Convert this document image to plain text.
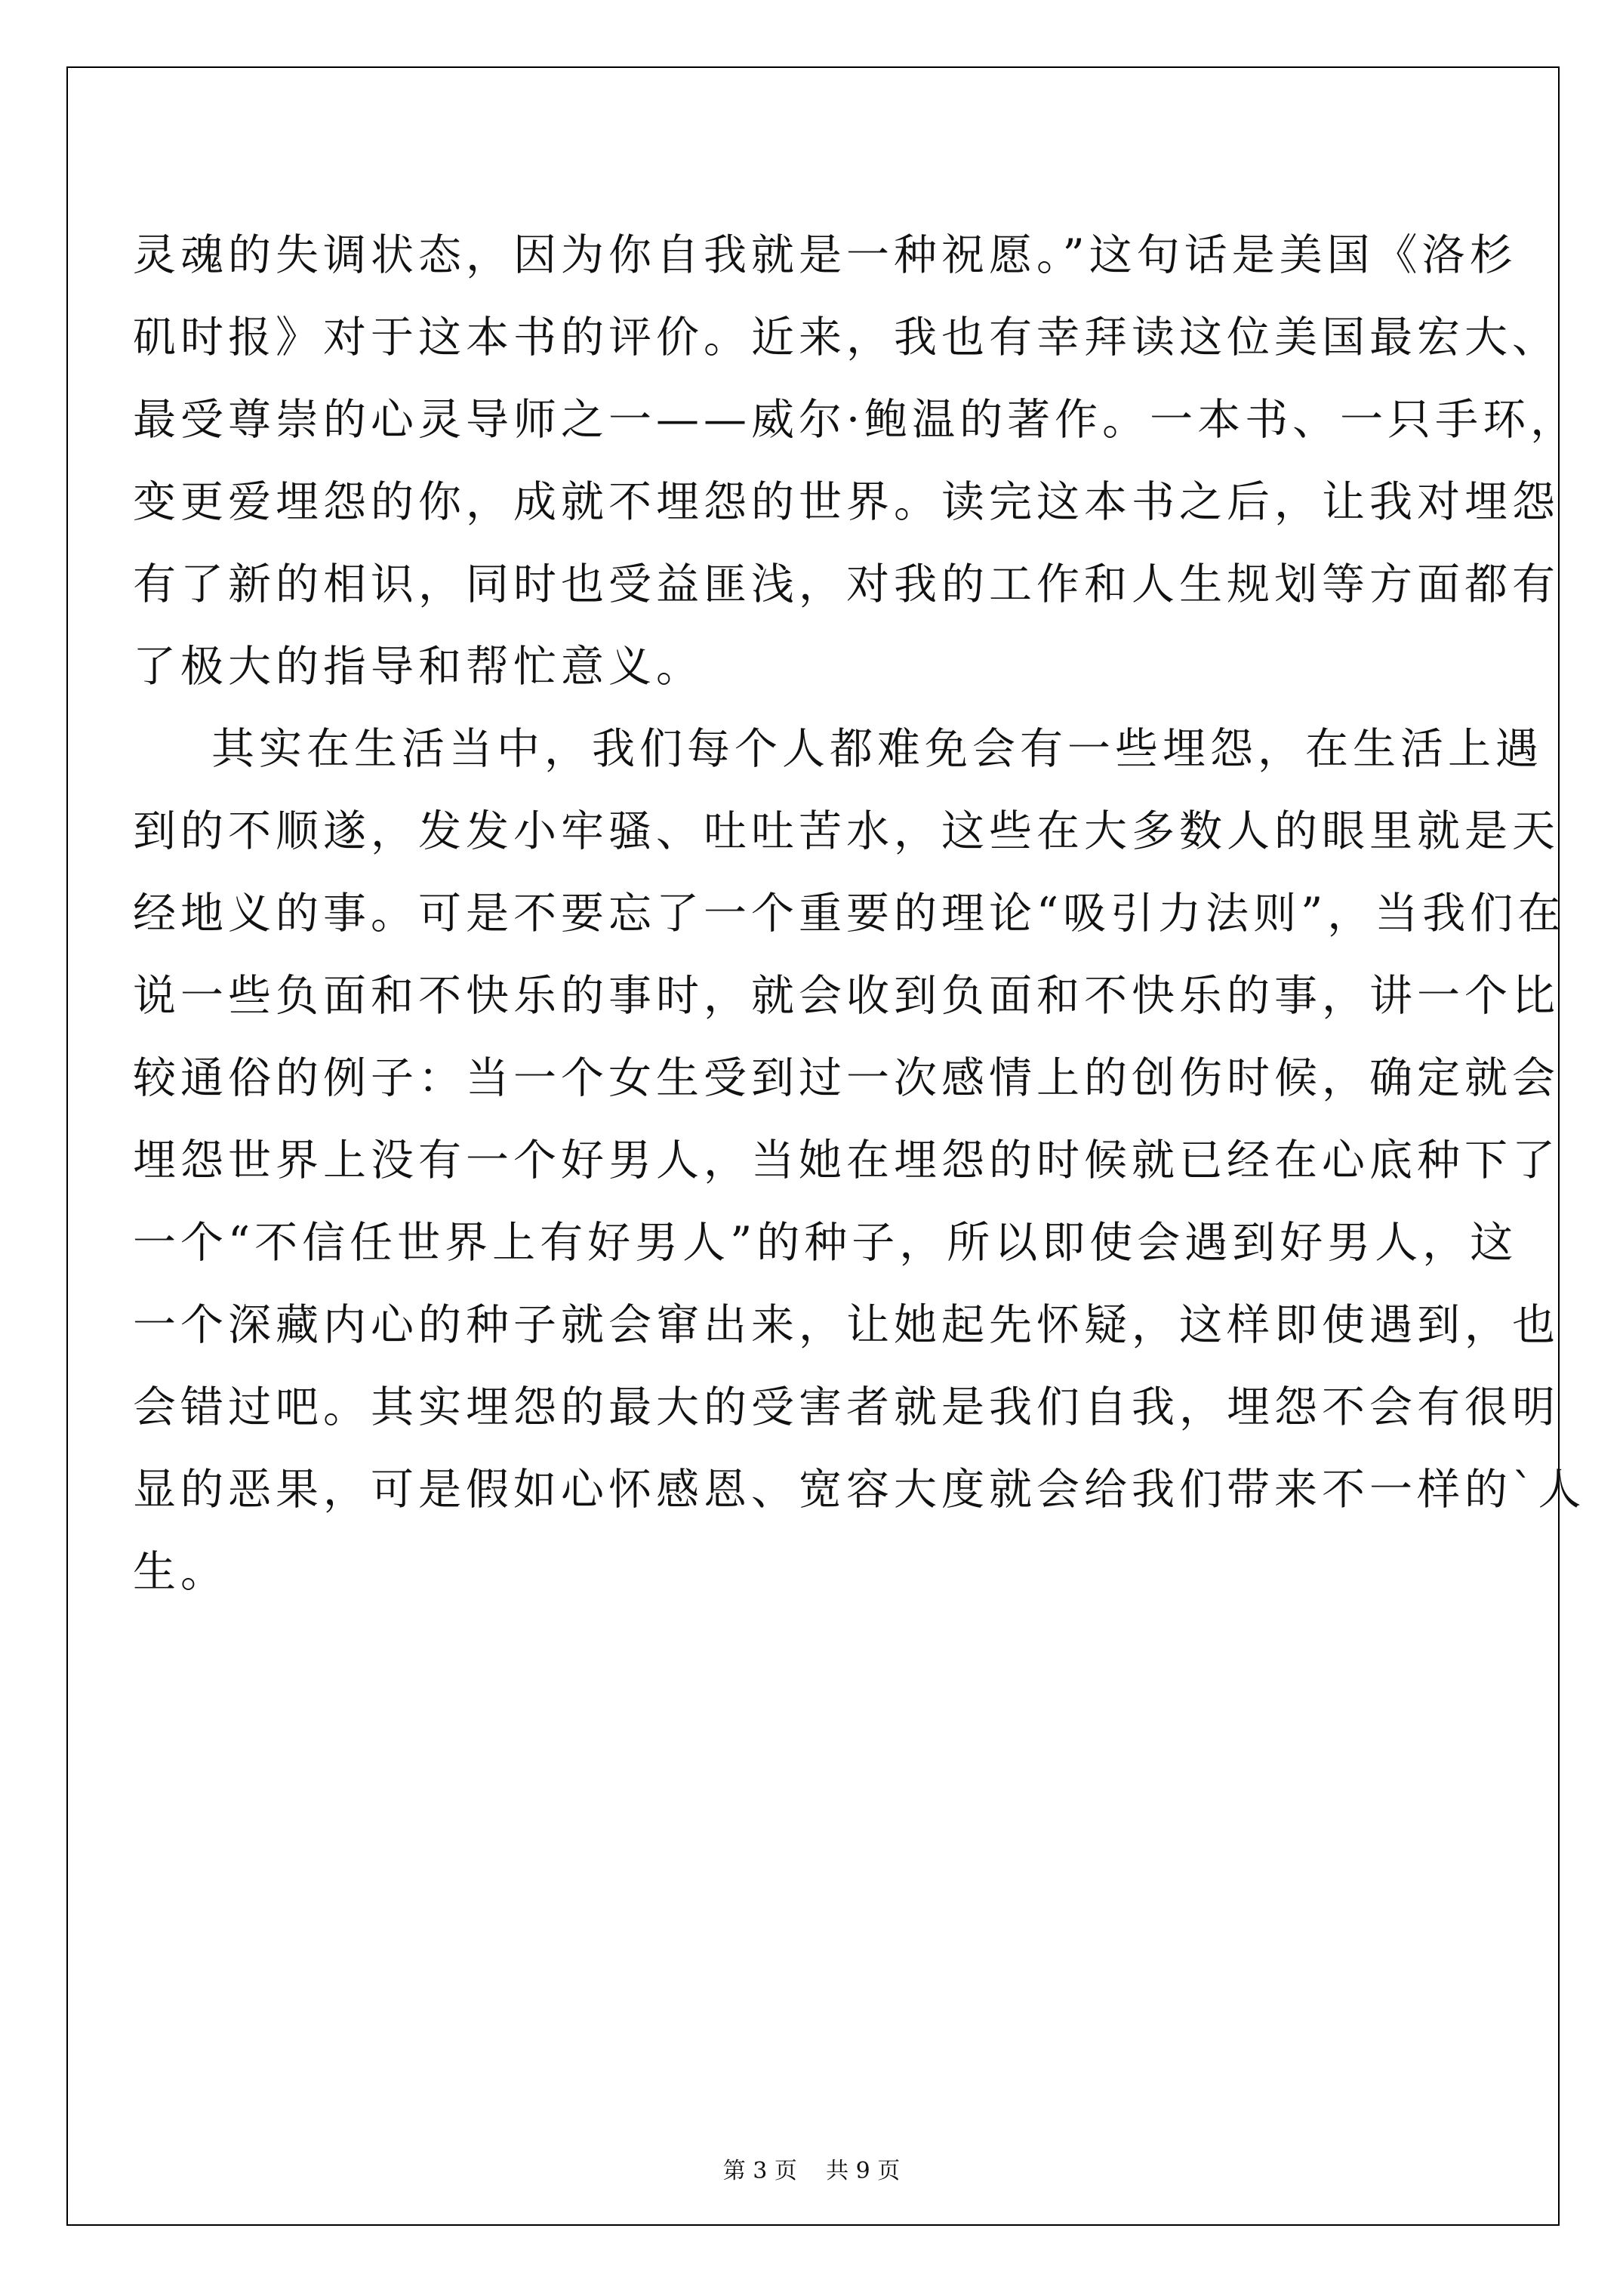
灵魂的失调状态，因为你自我就是一种祝愿。”这句话是美国《洛杉
矶时报》对于这本书的评价。近来，我也有幸拜读这位美国最宏大、
最受尊崇的心灵导师之一——威尔·鲍温的著作。一本书、一只手环，
变更爱埋怨的你，成就不埋怨的世界。读完这本书之后，让我对埋怨
有了新的相识，同时也受益匪浅，对我的工作和人生规划等方面都有
了极大的指导和帮忙意义。
其实在生活当中，我们每个人都难免会有一些埋怨，在生活上遇
到的不顺遂，发发小牢骚、吐吐苦水，这些在大多数人的眼里就是天
经地义的事。可是不要忘了一个重要的理论“吸引力法则”，当我们在
说一些负面和不快乐的事时，就会收到负面和不快乐的事，讲一个比
较通俗的例子：当一个女生受到过一次感情上的创伤时候，确定就会
埋怨世界上没有一个好男人，当她在埋怨的时候就已经在心底种下了
一个“不信任世界上有好男人”的种子，所以即使会遇到好男人，这
一个深藏内心的种子就会窜出来，让她起先怀疑，这样即使遇到，也
会错过吧。其实埋怨的最大的受害者就是我们自我，埋怨不会有很明
显的恶果，可是假如心怀感恩、宽容大度就会给我们带来不一样的`人
生。
第 3 页    共 9 页
